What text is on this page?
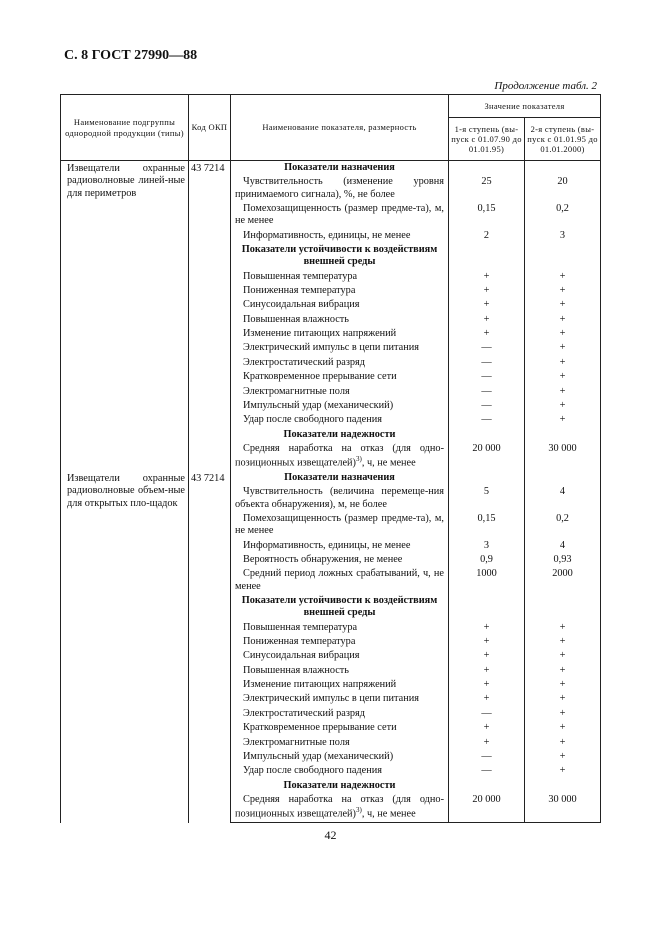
С. 8 ГОСТ 27990—88
Продолжение табл. 2
Наименование подгруппы однородной продукции (типы)	Код ОКП	Наименование показателя, размерность	Значение показателя	
			1-я ступень (вы-пуск с 01.07.90 до 01.01.95)	2-я ступень (вы-пуск с 01.01.95 до 01.01.2000)
Извещатели охранные радиоволновые линей-ные для периметров	43 7214	Показатели назначения		

		Чувствительность (изменение уровня принимаемого сигнала), %, не более	25	20

		Помехозащищенность (размер предме-та), м, не менее	0,15	0,2

		Информативность, единицы, не менее	2	3

		Показатели устойчивости к воздействиям внешней среды		

		Повышенная температура	+	+

		Пониженная температура	+	+

		Синусоидальная вибрация	+	+

		Повышенная влажность	+	+

		Изменение питающих напряжений	+	+

		Электрический импульс в цепи питания	—	+

		Электростатический разряд	—	+

		Кратковременное прерывание сети	—	+

		Электромагнитные поля	—	+

		Импульсный удар (механический)	—	+

		Удар после свободного падения	—	+

		Показатели надежности		

		Средняя наработка на отказ (для одно-позиционных извещателей)$^{3)}$, ч, не менее	20 000	30 000
Извещатели охранные радиоволновые объем-ные для открытых пло-щадок	43 7214	Показатели назначения		

		Чувствительность (величина перемеще-ния объекта обнаружения), м, не более	5	4

		Помехозащищенность (размер предме-та), м, не менее	0,15	0,2

		Информативность, единицы, не менее	3	4

		Вероятность обнаружения, не менее	0,9	0,93

		Средний период ложных срабатываний, ч, не менее	1000	2000

		Показатели устойчивости к воздействиям внешней среды		

		Повышенная температура	+	+

		Пониженная температура	+	+

		Синусоидальная вибрация	+	+

		Повышенная влажность	+	+

		Изменение питающих напряжений	+	+

		Электрический импульс в цепи питания	+	+

		Электростатический разряд	—	+

		Кратковременное прерывание сети	+	+

		Электромагнитные поля	+	+

		Импульсный удар (механический)	—	+

		Удар после свободного падения	—	+

		Показатели надежности		

		Средняя наработка на отказ (для одно-позиционных извещателей)$^{3)}$, ч, не менее	20 000	30 000
42
